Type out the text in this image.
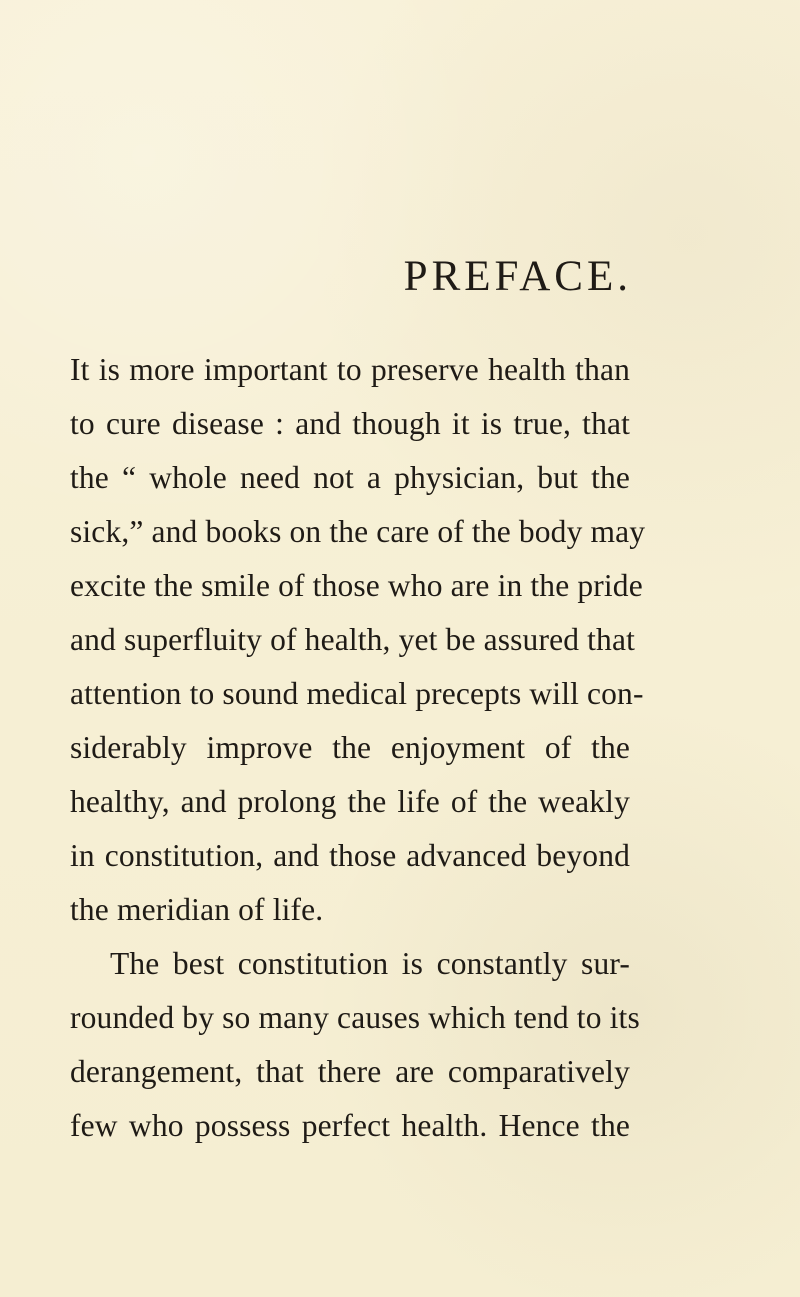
PREFACE.
It is more important to preserve health than
to cure disease : and though it is true, that
the “ whole need not a physician, but the
sick,” and books on the care of the body may
excite the smile of those who are in the pride
and superfluity of health, yet be assured that
attention to sound medical precepts will con-
siderably improve the enjoyment of the
healthy, and prolong the life of the weakly
in constitution, and those advanced beyond
the meridian of life.
The best constitution is constantly sur-
rounded by so many causes which tend to its
derangement, that there are comparatively
few who possess perfect health. Hence the
